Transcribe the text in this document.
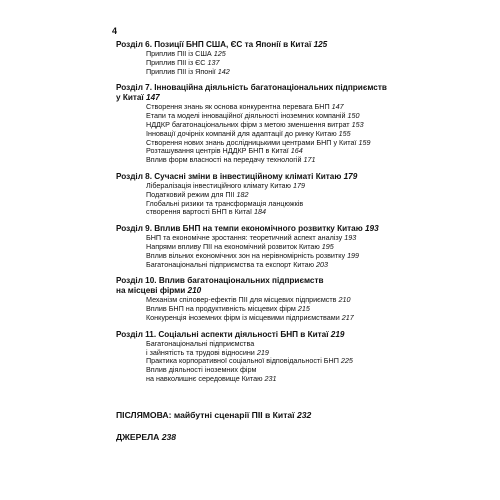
4
Розділ 6. Позиції БНП США, ЄС та Японії в Китаї 125
Приплив ПІІ із США 125
Приплив ПІІ із ЄС 137
Приплив ПІІ із Японії 142
Розділ 7. Інноваційна діяльність багатонаціональних підприємств
у Китаї 147
Створення знань як основа конкурентна перевага БНП 147
Етапи та моделі інноваційної діяльності іноземних компаній 150
НДДКР багатонаціональних фірм з метою зменшення витрат 153
Інновації дочірніх компаній для адаптації до ринку Китаю 155
Створення нових знань дослідницькими центрами БНП у Китаї 159
Розташування центрів НДДКР БНП в Китаї 164
Вплив форм власності на передачу технологій 171
Розділ 8. Сучасні зміни в інвестиційному кліматі Китаю 179
Лібералізація інвестиційного клімату Китаю 179
Податковий режим для ПІІ 182
Глобальні ризики та трансформація ланцюжків
створення вартості БНП в Китаї 184
Розділ 9. Вплив БНП на темпи економічного розвитку Китаю 193
БНП та економічне зростання: теоретичний аспект аналізу 193
Напрями впливу ПІІ на економічний розвиток Китаю 195
Вплив вільних економічних зон на нерівномірність розвитку 199
Багатонаціональні підприємства та експорт Китаю 203
Розділ 10. Вплив багатонаціональних підприємств
на місцеві фірми 210
Механізм спіловер-ефектів ПІІ для місцевих підприємств 210
Вплив БНП на продуктивність місцевих фірм 215
Конкуренція іноземних фірм із місцевими підприємствами 217
Розділ 11. Соціальні аспекти діяльності БНП в Китаї 219
Багатонаціональні підприємства
і зайнятість та трудові відносини 219
Практика корпоративної соціальної відповідальності БНП 225
Вплив діяльності іноземних фірм
на навколишнє середовище Китаю 231
ПІСЛЯМОВА: майбутні сценарії ПІІ в Китаї 232
ДЖЕРЕЛА 238
